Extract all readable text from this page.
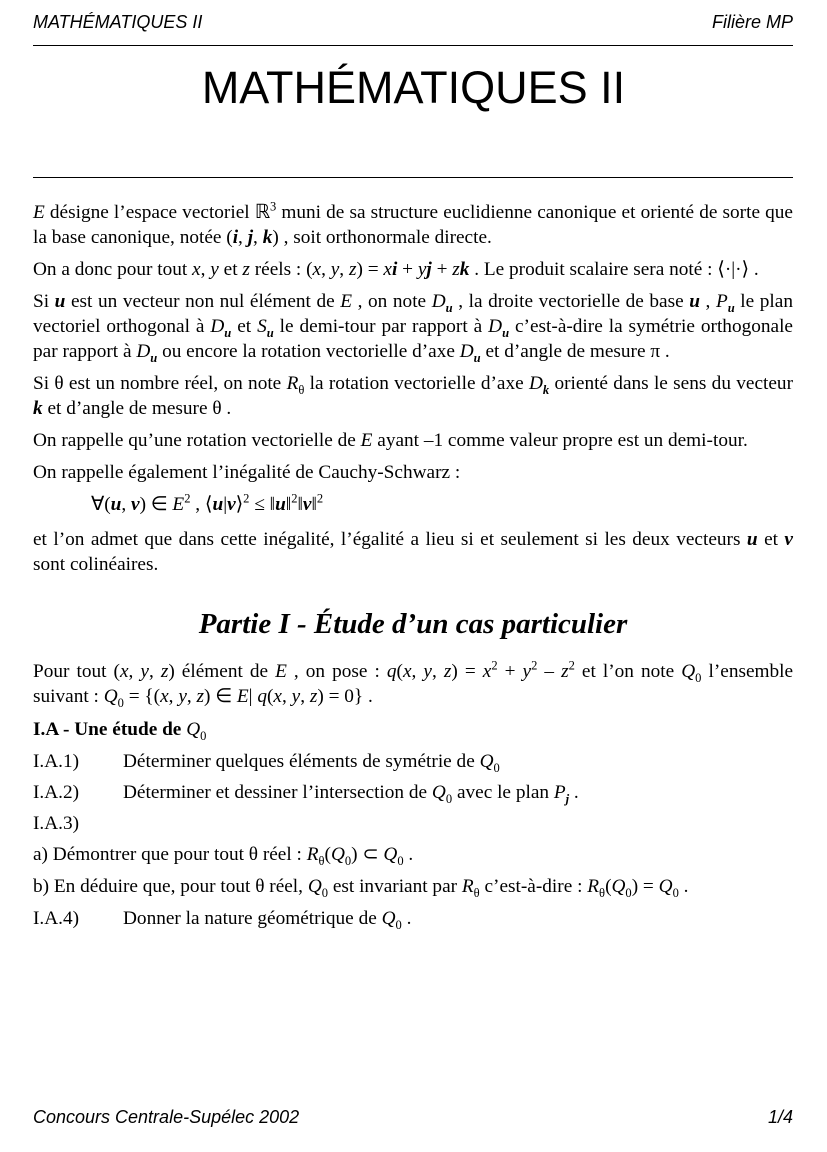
MATHÉMATIQUES II	Filière MP
MATHÉMATIQUES II

E désigne l’espace vectoriel ℝ$^3$ muni de sa structure euclidienne canonique et orienté de sorte que la base canonique, notée (i, j, k) , soit orthonormale directe.

On a donc pour tout x, y et z réels : (x, y, z) = xi + yj + zk . Le produit scalaire sera noté : ⟨·|·⟩ .

Si u est un vecteur non nul élément de E , on note $D_u$ , la droite vectorielle de base u , $P_u$ le plan vectoriel orthogonal à $D_u$ et $S_u$ le demi-tour par rapport à $D_u$ c’est-à-dire la symétrie orthogonale par rapport à $D_u$ ou encore la rotation vectorielle d’axe $D_u$ et d’angle de mesure π .

Si θ est un nombre réel, on note $R_\theta$ la rotation vectorielle d’axe $D_k$ orienté dans le sens du vecteur k et d’angle de mesure θ .

On rappelle qu’une rotation vectorielle de E ayant –1 comme valeur propre est un demi-tour.

On rappelle également l’inégalité de Cauchy-Schwarz :

∀(u, v) ∈ $E^2$ , ⟨u|v⟩$^2$ ≤ ‖u‖$^2$‖v‖$^2$

et l’on admet que dans cette inégalité, l’égalité a lieu si et seulement si les deux vecteurs u et v sont colinéaires.

Partie I - Étude d’un cas particulier

Pour tout (x, y, z) élément de E , on pose : q(x, y, $z) = x^2 + y^2 - z^2$ et l’on note $Q_0$ l’ensemble suivant : $Q_0 = \{(x$, y, z) ∈ E| q(x, y, z) = 0} .

I.A - Une étude de $Q_0$
I.A.1) Déterminer quelques éléments de symétrie de $Q_0$
I.A.2) Déterminer et dessiner l’intersection de $Q_0$ avec le plan $P_j$ .
I.A.3)

a) Démontrer que pour tout θ réel : $R_\theta(Q_0)$ ⊂ $Q_0$ .

b) En déduire que, pour tout θ réel, $Q_0$ est invariant par $R_\theta$ c’est-à-dire : $R_\theta(Q_0) = Q_0$ .

I.A.4) Donner la nature géométrique de $Q_0$ .
Concours Centrale-Supélec 2002	1/4
